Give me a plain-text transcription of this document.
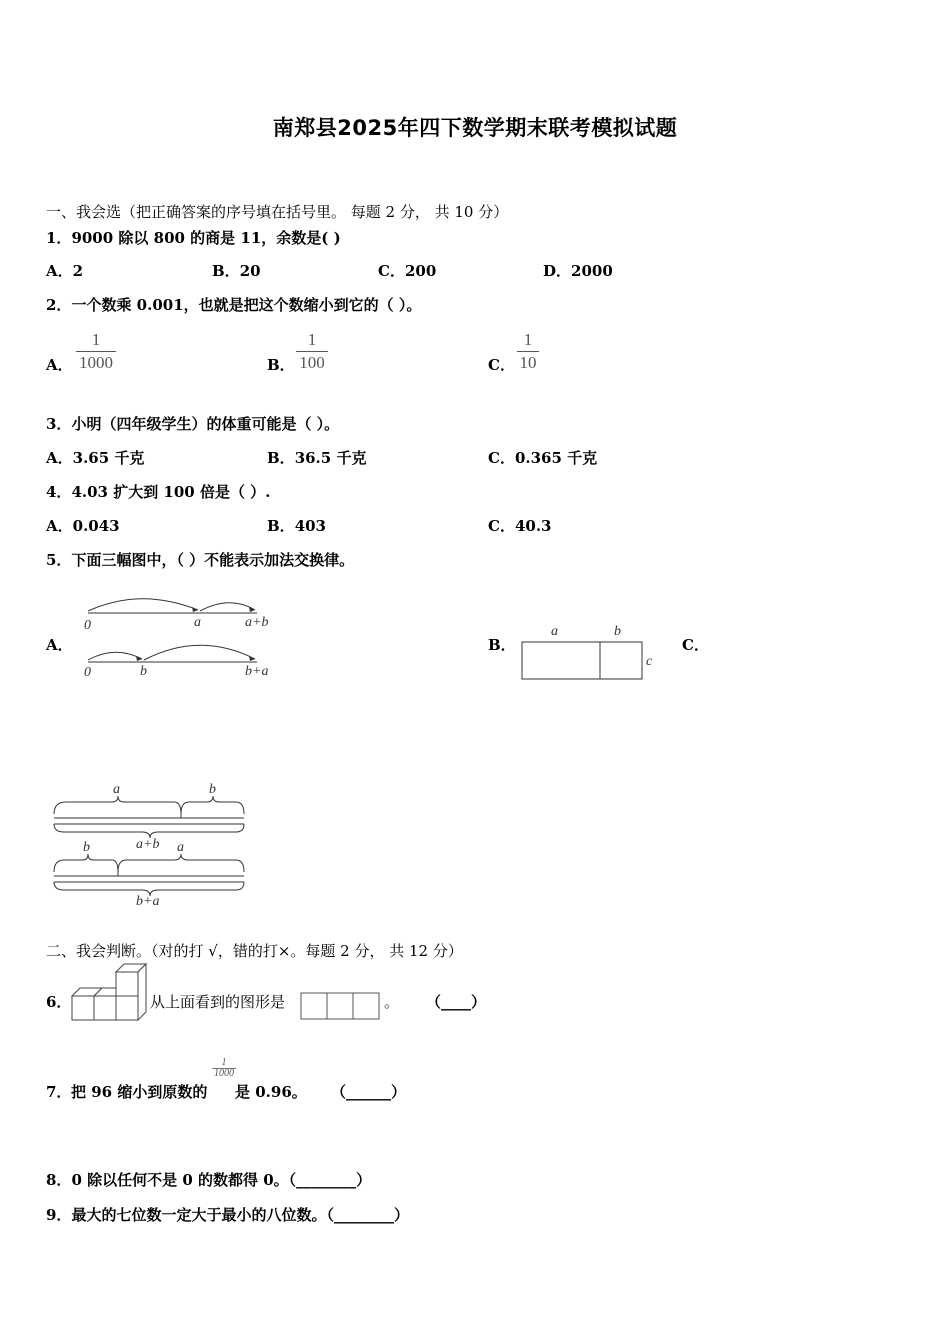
南郑县2025年四下数学期末联考模拟试题
一、我会选（把正确答案的序号填在括号里。 每题 2 分， 共 10 分）
1．9000 除以 800 的商是 11，余数是( )
A．2	B．20	C．200	D．2000
2．一个数乘 0.001，也就是把这个数缩小到它的（ ）。
A．
1
1000	B．
1
100	C．
1
10
3．小明（四年级学生）的体重可能是（ ）。
A．3.65 千克	B．36.5 千克	C．0.365 千克
4．4.03 扩大到 100 倍是（ ）.
A．0.043	B．403	C．40.3
5．下面三幅图中，（ ）不能表示加法交换律。
A．
0	a	a+b
0	b	b+a
B．
a	b
c
C．
a	b
a+b
b	a
b+a
二、我会判断。（对的打 √，错的打×。每题 2 分， 共 12 分）
6．	从上面看到的图形是	。 （____）
7． 把 96 缩小到原数的
1
1000
是 0.96。 （______）
8．0 除以任何不是 0 的数都得 0。（________）
9．最大的七位数一定大于最小的八位数。（________）
